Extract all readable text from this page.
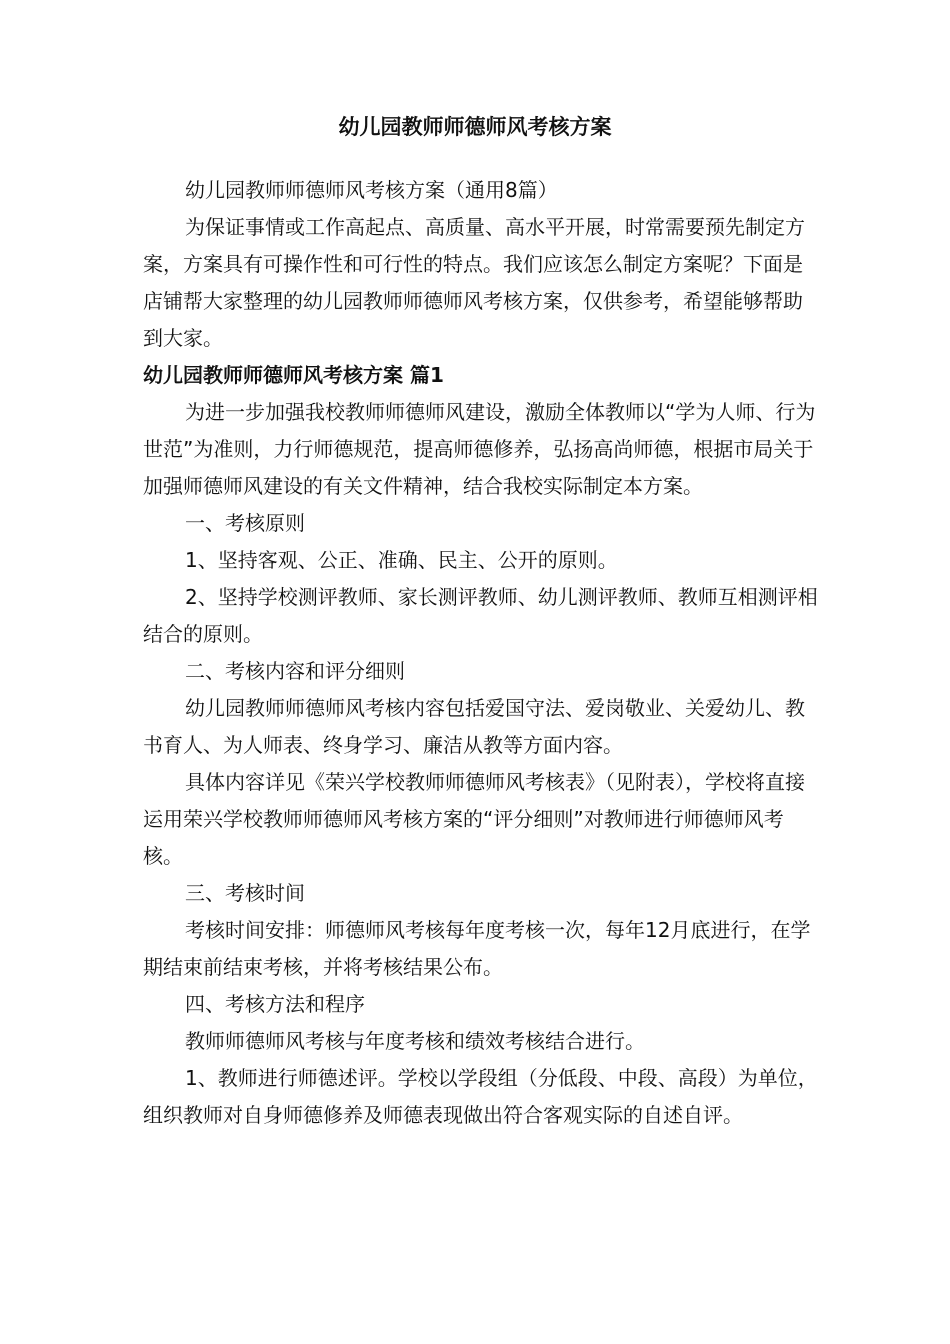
幼儿园教师师德师风考核方案

幼儿园教师师德师风考核方案（通用8篇）

为保证事情或工作高起点、高质量、高水平开展，时常需要预先制定方案，方案具有可操作性和可行性的特点。我们应该怎么制定方案呢？下面是店铺帮大家整理的幼儿园教师师德师风考核方案，仅供参考，希望能够帮助到大家。

幼儿园教师师德师风考核方案 篇1

为进一步加强我校教师师德师风建设，激励全体教师以“学为人师、行为世范”为准则，力行师德规范，提高师德修养，弘扬高尚师德，根据市局关于加强师德师风建设的有关文件精神，结合我校实际制定本方案。

一、考核原则

1、坚持客观、公正、准确、民主、公开的原则。

2、坚持学校测评教师、家长测评教师、幼儿测评教师、教师互相测评相结合的原则。

二、考核内容和评分细则

幼儿园教师师德师风考核内容包括爱国守法、爱岗敬业、关爱幼儿、教书育人、为人师表、终身学习、廉洁从教等方面内容。

具体内容详见《荣兴学校教师师德师风考核表》（见附表），学校将直接运用荣兴学校教师师德师风考核方案的“评分细则”对教师进行师德师风考核。

三、考核时间

考核时间安排：师德师风考核每年度考核一次，每年12月底进行，在学期结束前结束考核，并将考核结果公布。

四、考核方法和程序

教师师德师风考核与年度考核和绩效考核结合进行。

1、教师进行师德述评。学校以学段组（分低段、中段、高段）为单位，组织教师对自身师德修养及师德表现做出符合客观实际的自述自评。
